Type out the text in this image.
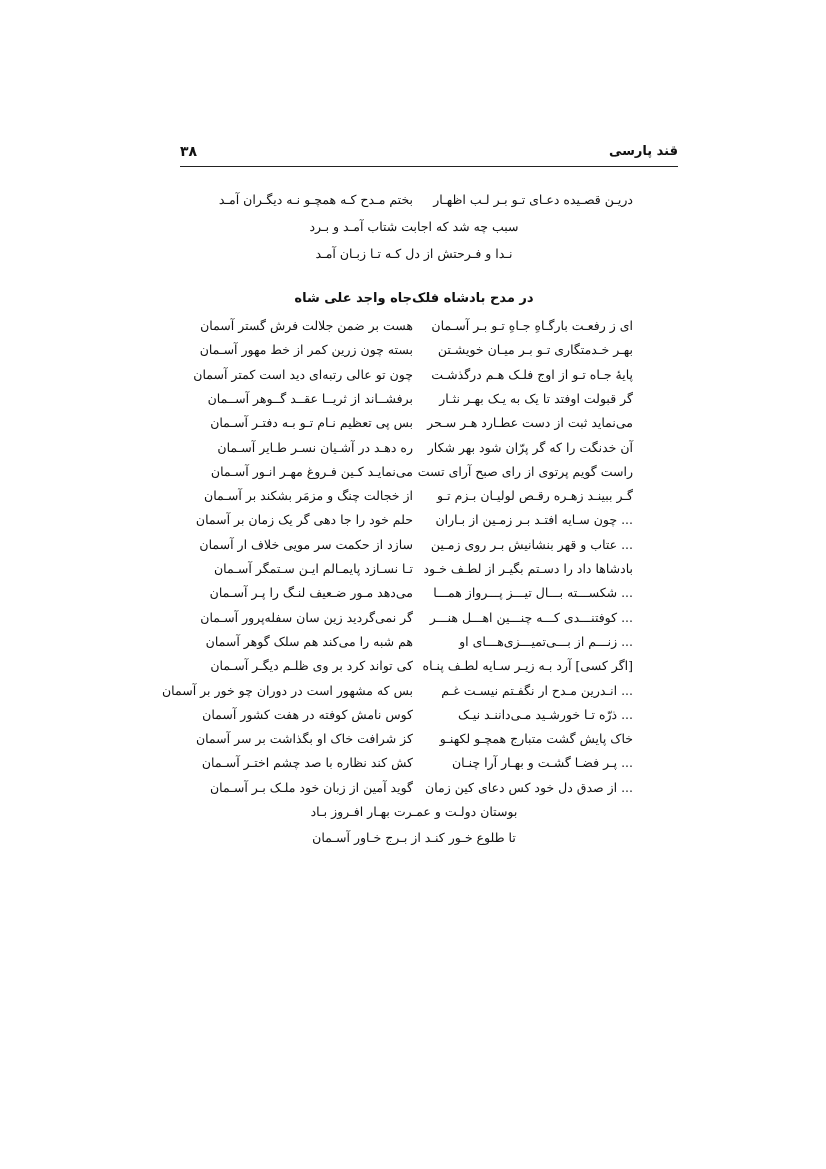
قند پارسی
۳۸
دریـن قصـیده دعـای تـو بـر لـب اظهـار
بختم مـدح کـه همچـو نـه دیگـران آمـد
سبب چه شد که اجابت شتاب آمـد و بـرد
نـدا و فـرحتش از دل کـه تـا زبـان آمـد
در مدح بادشاه فلک‌جاه واجد علی شاه
ای ز رفعـت بارگـاهِ جـاهِ تـو بـر آسـمان
هست بر ضمن جلالت فرش گستر آسمان
بهـر خـدمتگاری تـو بـر میـان خویشـتن
بسته چون زرین کمر از خط مهور آسـمان
پایهٔ جـاه تـو از اوج فلـک هـم درگذشـت
چون تو عالی رتبه‌ای دید است کمتر آسمان
گر قبولت اوفتد تا یک به یـک بهـر نثـار
برفشــاند از ثریــا عقــد گــوهر آســمان
می‌نماید ثبت از دست عطـارد هـر سـحر
بس پی تعظیم نـام تـو بـه دفتـر آسـمان
آن خدنگت را که گر پرّان شود بهر شکار
ره دهـد در آشـیان نسـر طـایر آسـمان
راست گویم پرتوی از رای صبح آرای تست
می‌نمایـد کـین فـروغ مهـر انـور آسـمان
گـر ببینـد زهـره رقـص لولیـان بـزم تـو
از خجالت چنگ و مزمَر بشکند بر آسـمان
... چون سـایه افتـد بـر زمـین از بـاران
حلم خود را جا دهی گر یک زمان بر آسمان
... عتاب و قهر بنشانیش بـر روی زمـین
سازد از حکمت سر مویی خلاف ار آسمان
بادشاها داد را دسـتم بگیـر از لطـف خـود
تـا نسـازد پایمـالم ایـن سـتمگر آسـمان
... شکســـته بـــال تیـــز پـــرواز همـــا
می‌دهد مـور ضـعیف لنـگ را پـر آسـمان
... کوفتنـــدی کـــه چنـــین اهـــل هنـــر
گر نمی‌گردید زین سان سفله‌پرور آسـمان
... زنـــم از بـــی‌تمیـــزی‌هـــای او
هم شبه را می‌کند هم سلک گوهر آسمان
[اگر کسی] آرد بـه زیـر سـایه لطـف پنـاه
کی تواند کرد بر وی ظلـم دیگـر آسـمان
... انـدرین مـدح ار نگفـتم نیسـت غـم
بس که مشهور است در دوران چو خور بر آسمان
... ذرّه تـا خورشـید مـی‌داننـد نیـک
کوس نامش کوفته در هفت کشور آسمان
خاک پایش گشت متبارج همچـو لکهنـو
کز شرافت خاک او بگذاشت بر سر آسمان
... پـر فضـا گشـت و بهـار آرا چنـان
کش کند نظاره با صد چشم اختـر آسـمان
... از صدق دل خود کس دعای کین زمان
گوید آمین از زبان خود ملـک بـر آسـمان
بوستان دولـت و عمـرت بهـار افـروز بـاد
تا طلوع خـور کنـد از بـرج خـاور آسـمان
